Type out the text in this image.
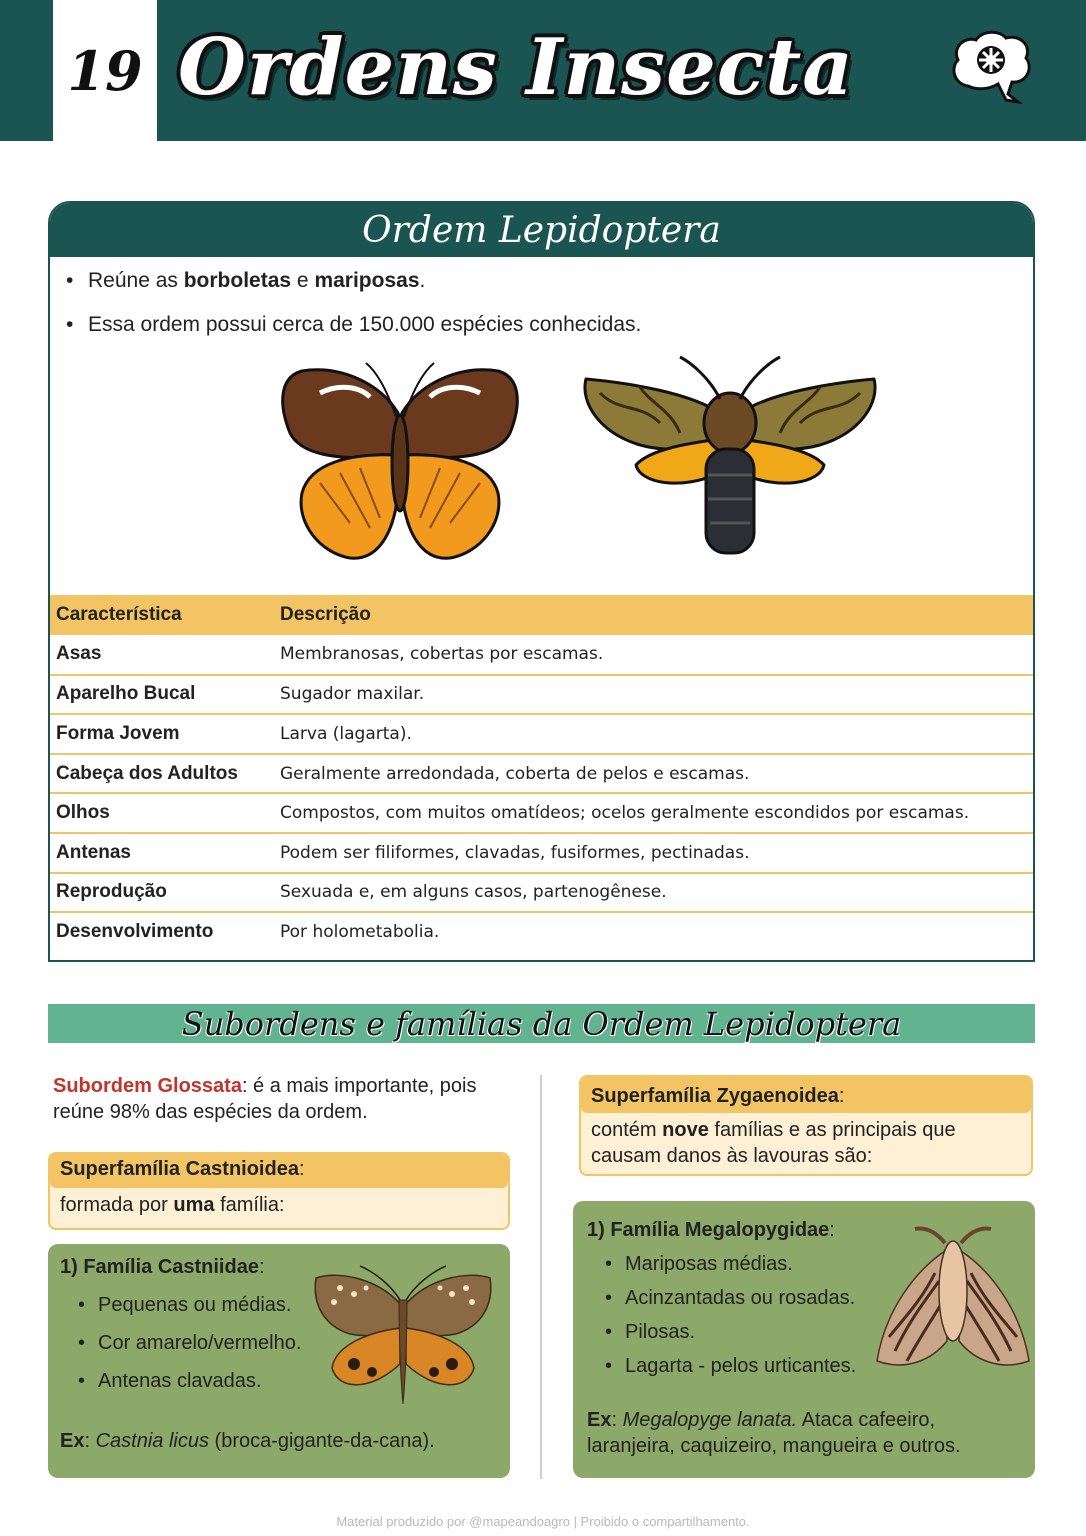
19 Ordens Insecta
Ordem Lepidoptera
• Reúne as borboletas e mariposas.
• Essa ordem possui cerca de 150.000 espécies conhecidas.
Característica	Descrição
Asas	Membranosas, cobertas por escamas.
Aparelho Bucal	Sugador maxilar.
Forma Jovem	Larva (lagarta).
Cabeça dos Adultos	Geralmente arredondada, coberta de pelos e escamas.
Olhos	Compostos, com muitos omatídeos; ocelos geralmente escondidos por escamas.
Antenas	Podem ser filiformes, clavadas, fusiformes, pectinadas.
Reprodução	Sexuada e, em alguns casos, partenogênese.
Desenvolvimento	Por holometabolia.
Subordens e famílias da Ordem Lepidoptera
Subordem Glossata: é a mais importante, pois reúne 98% das espécies da ordem.
Superfamília Castnioidea:
formada por uma família:
1) Família Castniidae:
• Pequenas ou médias.
• Cor amarelo/vermelho.
• Antenas clavadas.
Ex: Castnia licus (broca-gigante-da-cana).
Superfamília Zygaenoidea:
contém nove famílias e as principais que causam danos às lavouras são:
1) Família Megalopygidae:
• Mariposas médias.
• Acinzantadas ou rosadas.
• Pilosas.
• Lagarta - pelos urticantes.
Ex: Megalopyge lanata. Ataca cafeeiro, laranjeira, caquizeiro, mangueira e outros.
Material produzido por @mapeandoagro | Proibido o compartilhamento.
